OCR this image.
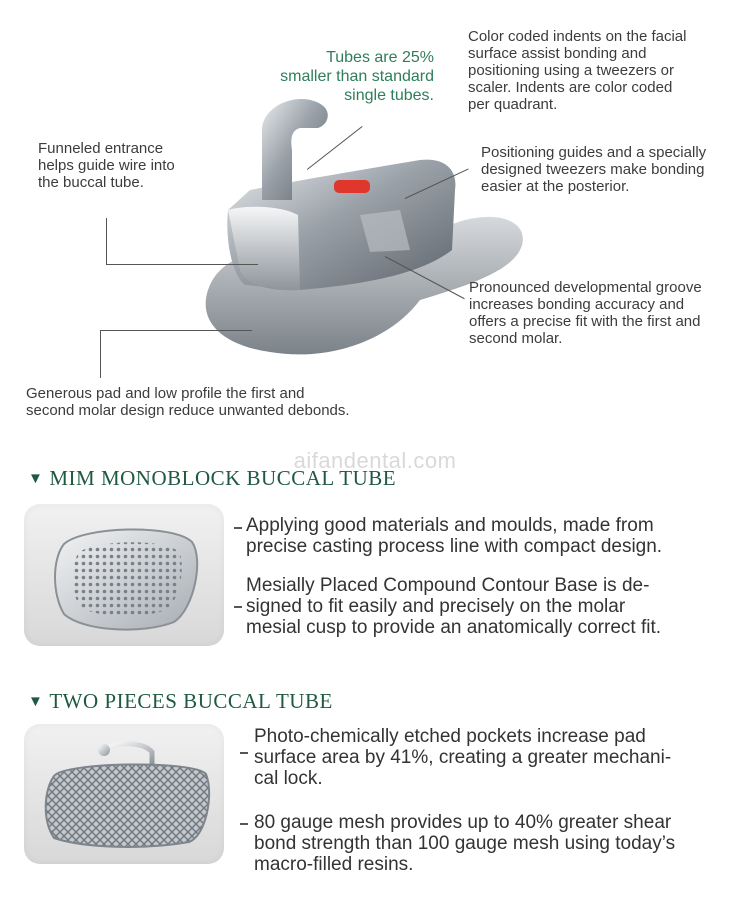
Tubes are 25%
smaller than standard
single tubes.
Color coded indents on the facial
surface assist bonding and
positioning using a tweezers or
scaler. Indents are color coded
per quadrant.
Funneled entrance
helps guide wire into
the buccal tube.
Positioning guides and a specially
designed tweezers make bonding
easier at the posterior.
Pronounced developmental groove
increases bonding accuracy and
offers a precise fit with the first and
second molar.
Generous pad and low profile the first and
second molar design reduce unwanted debonds.
aifandental.com
▼ MIM MONOBLOCK BUCCAL TUBE
Applying good materials and moulds, made from
precise casting process line with compact design.
Mesially Placed Compound Contour Base is de-
signed to fit easily and precisely on the molar
mesial cusp to provide an anatomically correct fit.
▼ TWO PIECES BUCCAL TUBE
Photo-chemically etched pockets increase pad
surface area by 41%, creating a greater mechani-
cal lock.
80 gauge mesh provides up to 40% greater shear
bond strength than 100 gauge mesh using today’s
macro-filled resins.
